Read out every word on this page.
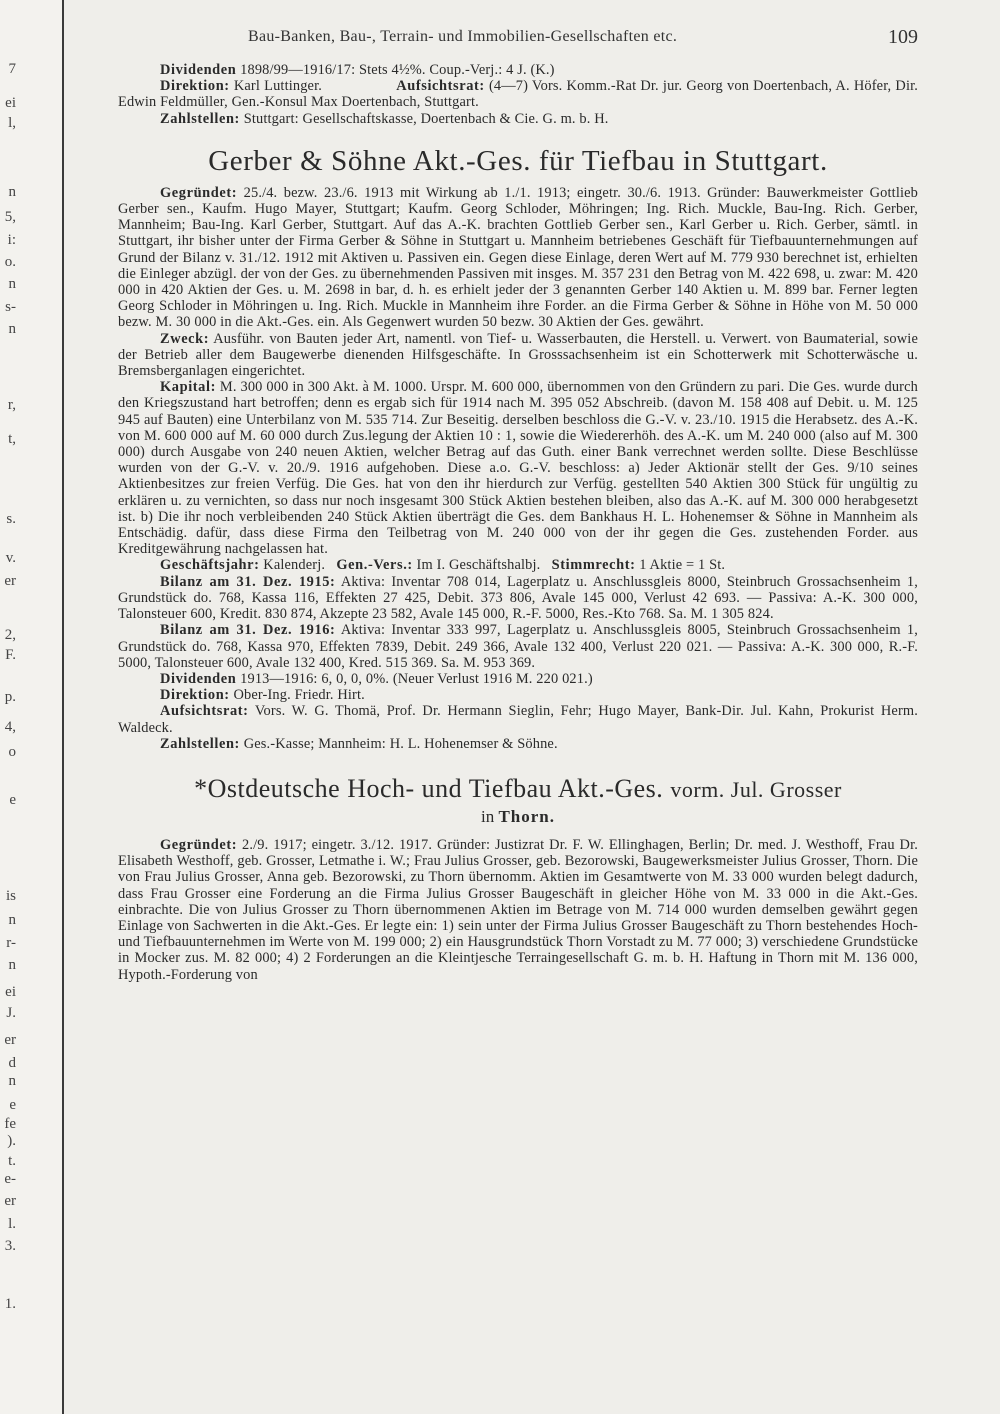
7
ei
l,
n
5,
i:
o.
n
s-
n
r,
t,
s.
v.
er
2,
F.
p.
4,
o
e
is
n
r-
n
ei
J.
er
d
n
e
fe
).
t.
e-
er
l.
3.
1.
Bau-Banken, Bau-, Terrain- und Immobilien-Gesellschaften etc.	109

Dividenden 1898/99—1916/17: Stets 4½%. Coup.-Verj.: 4 J. (K.)

Direktion: Karl Luttinger.	Aufsichtsrat: (4—7) Vors. Komm.-Rat Dr. jur. Georg von Doertenbach, A. Höfer, Dir. Edwin Feldmüller, Gen.-Konsul Max Doertenbach, Stuttgart.

Zahlstellen: Stuttgart: Gesellschaftskasse, Doertenbach & Cie. G. m. b. H.

Gerber & Söhne Akt.-Ges. für Tiefbau in Stuttgart.

Gegründet: 25./4. bezw. 23./6. 1913 mit Wirkung ab 1./1. 1913; eingetr. 30./6. 1913. Gründer: Bauwerkmeister Gottlieb Gerber sen., Kaufm. Hugo Mayer, Stuttgart; Kaufm. Georg Schloder, Möhringen; Ing. Rich. Muckle, Bau-Ing. Rich. Gerber, Mannheim; Bau-Ing. Karl Gerber, Stuttgart. Auf das A.-K. brachten Gottlieb Gerber sen., Karl Gerber u. Rich. Gerber, sämtl. in Stuttgart, ihr bisher unter der Firma Gerber & Söhne in Stuttgart u. Mannheim betriebenes Geschäft für Tiefbauunternehmungen auf Grund der Bilanz v. 31./12. 1912 mit Aktiven u. Passiven ein. Gegen diese Einlage, deren Wert auf M. 779 930 berechnet ist, erhielten die Einleger abzügl. der von der Ges. zu übernehmenden Passiven mit insges. M. 357 231 den Betrag von M. 422 698, u. zwar: M. 420 000 in 420 Aktien der Ges. u. M. 2698 in bar, d. h. es erhielt jeder der 3 genannten Gerber 140 Aktien u. M. 899 bar. Ferner legten Georg Schloder in Möhringen u. Ing. Rich. Muckle in Mannheim ihre Forder. an die Firma Gerber & Söhne in Höhe von M. 50 000 bezw. M. 30 000 in die Akt.-Ges. ein. Als Gegenwert wurden 50 bezw. 30 Aktien der Ges. gewährt.

Zweck: Ausführ. von Bauten jeder Art, namentl. von Tief- u. Wasserbauten, die Herstell. u. Verwert. von Baumaterial, sowie der Betrieb aller dem Baugewerbe dienenden Hilfsgeschäfte. In Grosssachsenheim ist ein Schotterwerk mit Schotterwäsche u. Bremsberganlagen eingerichtet.

Kapital: M. 300 000 in 300 Akt. à M. 1000. Urspr. M. 600 000, übernommen von den Gründern zu pari. Die Ges. wurde durch den Kriegszustand hart betroffen; denn es ergab sich für 1914 nach M. 395 052 Abschreib. (davon M. 158 408 auf Debit. u. M. 125 945 auf Bauten) eine Unterbilanz von M. 535 714. Zur Beseitig. derselben beschloss die G.-V. v. 23./10. 1915 die Herabsetz. des A.-K. von M. 600 000 auf M. 60 000 durch Zus.legung der Aktien 10 : 1, sowie die Wiedererhöh. des A.-K. um M. 240 000 (also auf M. 300 000) durch Ausgabe von 240 neuen Aktien, welcher Betrag auf das Guth. einer Bank verrechnet werden sollte. Diese Beschlüsse wurden von der G.-V. v. 20./9. 1916 aufgehoben. Diese a.o. G.-V. beschloss: a) Jeder Aktionär stellt der Ges. 9/10 seines Aktienbesitzes zur freien Verfüg. Die Ges. hat von den ihr hierdurch zur Verfüg. gestellten 540 Aktien 300 Stück für ungültig zu erklären u. zu vernichten, so dass nur noch insgesamt 300 Stück Aktien bestehen bleiben, also das A.-K. auf M. 300 000 herabgesetzt ist. b) Die ihr noch verbleibenden 240 Stück Aktien überträgt die Ges. dem Bankhaus H. L. Hohenemser & Söhne in Mannheim als Entschädig. dafür, dass diese Firma den Teilbetrag von M. 240 000 von der ihr gegen die Ges. zustehenden Forder. aus Kreditgewährung nachgelassen hat.

Geschäftsjahr: Kalenderj. Gen.-Vers.: Im I. Geschäftshalbj. Stimmrecht: 1 Aktie = 1 St.

Bilanz am 31. Dez. 1915: Aktiva: Inventar 708 014, Lagerplatz u. Anschlussgleis 8000, Steinbruch Grossachsenheim 1, Grundstück do. 768, Kassa 116, Effekten 27 425, Debit. 373 806, Avale 145 000, Verlust 42 693. — Passiva: A.-K. 300 000, Talonsteuer 600, Kredit. 830 874, Akzepte 23 582, Avale 145 000, R.-F. 5000, Res.-Kto 768. Sa. M. 1 305 824.

Bilanz am 31. Dez. 1916: Aktiva: Inventar 333 997, Lagerplatz u. Anschlussgleis 8005, Steinbruch Grossachsenheim 1, Grundstück do. 768, Kassa 970, Effekten 7839, Debit. 249 366, Avale 132 400, Verlust 220 021. — Passiva: A.-K. 300 000, R.-F. 5000, Talonsteuer 600, Avale 132 400, Kred. 515 369. Sa. M. 953 369.

Dividenden 1913—1916: 6, 0, 0, 0%. (Neuer Verlust 1916 M. 220 021.)

Direktion: Ober-Ing. Friedr. Hirt.

Aufsichtsrat: Vors. W. G. Thomä, Prof. Dr. Hermann Sieglin, Fehr; Hugo Mayer, Bank-Dir. Jul. Kahn, Prokurist Herm. Waldeck.

Zahlstellen: Ges.-Kasse; Mannheim: H. L. Hohenemser & Söhne.

*Ostdeutsche Hoch- und Tiefbau Akt.-Ges. vorm. Jul. Grosser
in Thorn.

Gegründet: 2./9. 1917; eingetr. 3./12. 1917. Gründer: Justizrat Dr. F. W. Ellinghagen, Berlin; Dr. med. J. Westhoff, Frau Dr. Elisabeth Westhoff, geb. Grosser, Letmathe i. W.; Frau Julius Grosser, geb. Bezorowski, Baugewerksmeister Julius Grosser, Thorn. Die von Frau Julius Grosser, Anna geb. Bezorowski, zu Thorn übernomm. Aktien im Gesamtwerte von M. 33 000 wurden belegt dadurch, dass Frau Grosser eine Forderung an die Firma Julius Grosser Baugeschäft in gleicher Höhe von M. 33 000 in die Akt.-Ges. einbrachte. Die von Julius Grosser zu Thorn übernommenen Aktien im Betrage von M. 714 000 wurden demselben gewährt gegen Einlage von Sachwerten in die Akt.-Ges. Er legte ein: 1) sein unter der Firma Julius Grosser Baugeschäft zu Thorn bestehendes Hoch- und Tiefbauunternehmen im Werte von M. 199 000; 2) ein Hausgrundstück Thorn Vorstadt zu M. 77 000; 3) verschiedene Grundstücke in Mocker zus. M. 82 000; 4) 2 Forderungen an die Kleintjesche Terraingesellschaft G. m. b. H. Haftung in Thorn mit M. 136 000, Hypoth.-Forderung von
